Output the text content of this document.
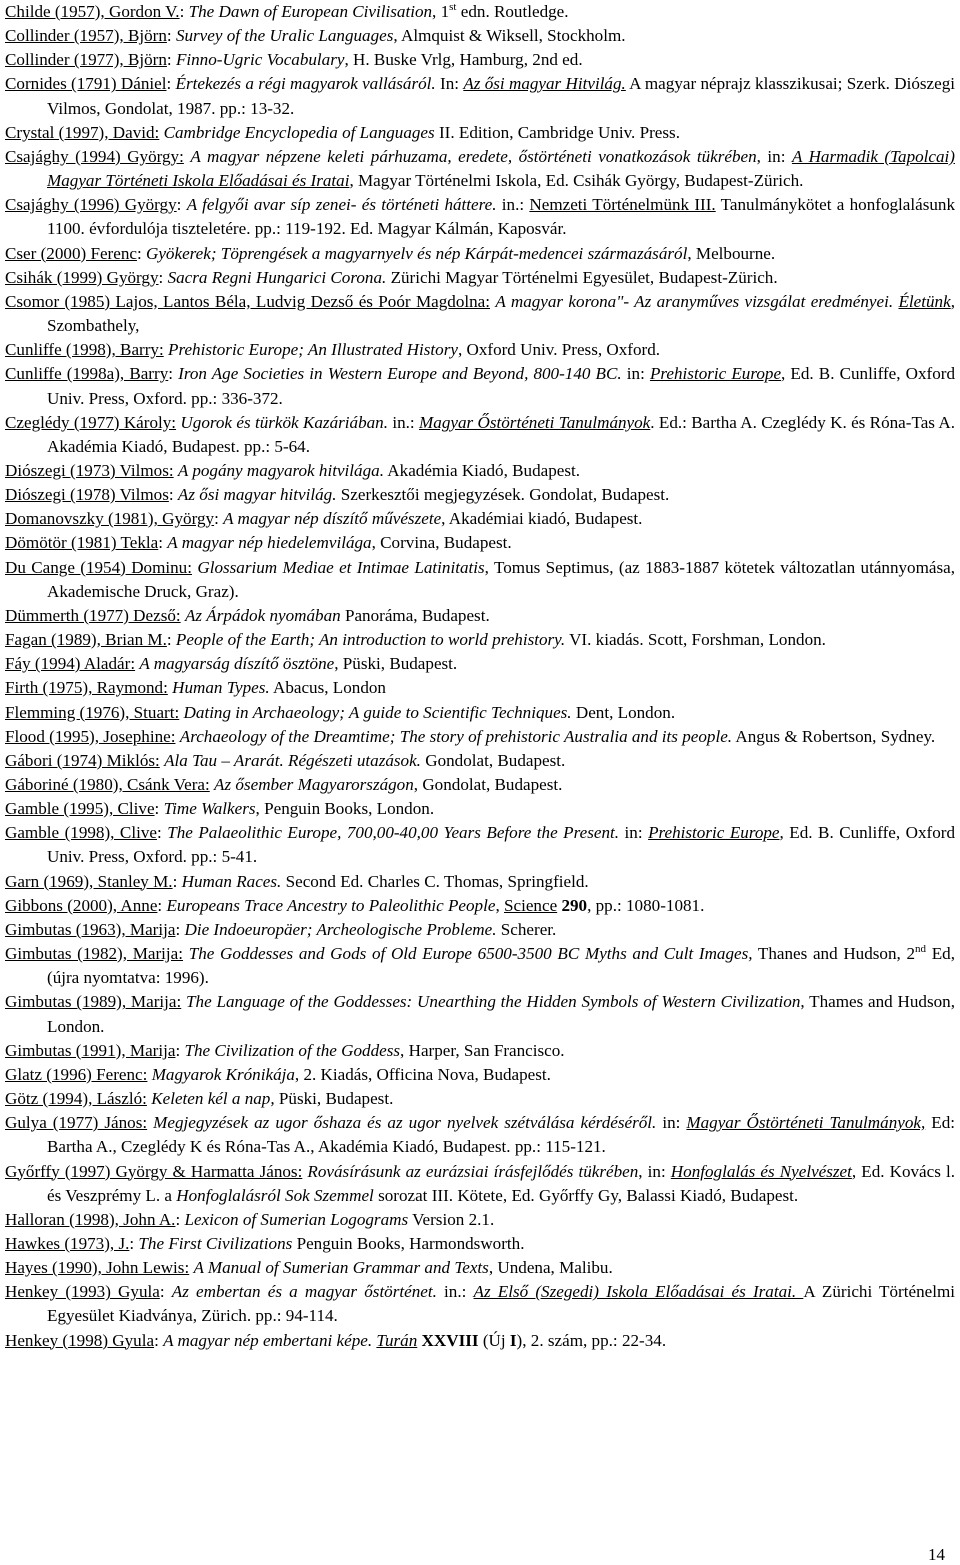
Childe (1957), Gordon V.: The Dawn of European Civilisation, 1st edn. Routledge.

Collinder (1957), Björn: Survey of the Uralic Languages, Almquist & Wiksell, Stockholm.

Collinder (1977), Björn: Finno-Ugric Vocabulary, H. Buske Vrlg, Hamburg, 2nd ed.

Cornides (1791) Dániel: Értekezés a régi magyarok vallásáról. In: Az ősi magyar Hitvilág. A magyar néprajz klasszikusai; Szerk. Diószegi Vilmos, Gondolat, 1987. pp.: 13-32.

Crystal (1997), David: Cambridge Encyclopedia of Languages II. Edition, Cambridge Univ. Press.

Csajághy (1994) György: A magyar népzene keleti párhuzama, eredete, őstörténeti vonatkozások tükrében, in: A Harmadik (Tapolcai) Magyar Történeti Iskola Előadásai és Iratai, Magyar Történelmi Iskola, Ed. Csihák György, Budapest-Zürich.

Csajághy (1996) György: A felgyői avar síp zenei- és történeti háttere. in.: Nemzeti Történelmünk III. Tanulmánykötet a honfoglalásunk 1100. évfordulója tiszteletére. pp.: 119-192. Ed. Magyar Kálmán, Kaposvár.

Cser (2000) Ferenc: Gyökerek; Töprengések a magyarnyelv és nép Kárpát-medencei származásáról, Melbourne.

Csihák (1999) György: Sacra Regni Hungarici Corona. Zürichi Magyar Történelmi Egyesület, Budapest-Zürich.

Csomor (1985) Lajos, Lantos Béla, Ludvig Dezső és Poór Magdolna: A magyar korona"- Az aranyműves vizsgálat eredményei. Életünk, Szombathely,

Cunliffe (1998), Barry: Prehistoric Europe; An Illustrated History, Oxford Univ. Press, Oxford.

Cunliffe (1998a), Barry: Iron Age Societies in Western Europe and Beyond, 800-140 BC. in: Prehistoric Europe, Ed. B. Cunliffe, Oxford Univ. Press, Oxford. pp.: 336-372.

Czeglédy (1977) Károly: Ugorok és türkök Kazáriában. in.: Magyar Őstörténeti Tanulmányok. Ed.: Bartha A. Czeglédy K. és Róna-Tas A. Akadémia Kiadó, Budapest. pp.: 5-64.

Diószegi (1973) Vilmos: A pogány magyarok hitvilága. Akadémia Kiadó, Budapest.

Diószegi (1978) Vilmos: Az ősi magyar hitvilág. Szerkesztői megjegyzések. Gondolat, Budapest.

Domanovszky (1981), György: A magyar nép díszítő művészete, Akadémiai kiadó, Budapest.

Dömötör (1981) Tekla: A magyar nép hiedelemvilága, Corvina, Budapest.

Du Cange (1954) Dominu: Glossarium Mediae et Intimae Latinitatis, Tomus Septimus, (az 1883-1887 kötetek változatlan utánnyomása, Akademische Druck, Graz).

Dümmerth (1977) Dezső: Az Árpádok nyomában Panoráma, Budapest.

Fagan (1989), Brian M.: People of the Earth; An introduction to world prehistory. VI. kiadás. Scott, Forshman, London.

Fáy (1994) Aladár: A magyarság díszítő ösztöne, Püski, Budapest.

Firth (1975), Raymond: Human Types. Abacus, London

Flemming (1976), Stuart: Dating in Archaeology; A guide to Scientific Techniques. Dent, London.

Flood (1995), Josephine: Archaeology of the Dreamtime; The story of prehistoric Australia and its people. Angus & Robertson, Sydney.

Gábori (1974) Miklós: Ala Tau – Ararát. Régészeti utazások. Gondolat, Budapest.

Gáboriné (1980), Csánk Vera: Az ősember Magyarországon, Gondolat, Budapest.

Gamble (1995), Clive: Time Walkers, Penguin Books, London.

Gamble (1998), Clive: The Palaeolithic Europe, 700,00-40,00 Years Before the Present. in: Prehistoric Europe, Ed. B. Cunliffe, Oxford Univ. Press, Oxford. pp.: 5-41.

Garn (1969), Stanley M.: Human Races. Second Ed. Charles C. Thomas, Springfield.

Gibbons (2000), Anne: Europeans Trace Ancestry to Paleolithic People, Science 290, pp.: 1080-1081.

Gimbutas (1963), Marija: Die Indoeuropäer; Archeologische Probleme. Scherer.

Gimbutas (1982), Marija: The Goddesses and Gods of Old Europe 6500-3500 BC Myths and Cult Images, Thanes and Hudson, 2nd Ed, (újra nyomtatva: 1996).

Gimbutas (1989), Marija: The Language of the Goddesses: Unearthing the Hidden Symbols of Western Civilization, Thames and Hudson, London.

Gimbutas (1991), Marija: The Civilization of the Goddess, Harper, San Francisco.

Glatz (1996) Ferenc: Magyarok Krónikája, 2. Kiadás, Officina Nova, Budapest.

Götz (1994), László: Keleten kél a nap, Püski, Budapest.

Gulya (1977) János: Megjegyzések az ugor őshaza és az ugor nyelvek szétválása kérdéséről. in: Magyar Őstörténeti Tanulmányok, Ed: Bartha A., Czeglédy K és Róna-Tas A., Akadémia Kiadó, Budapest. pp.: 115-121.

Győrffy (1997) György & Harmatta János: Rovásírásunk az eurázsiai írásfejlődés tükrében, in: Honfoglalás és Nyelvészet, Ed. Kovács l. és Veszprémy L. a Honfoglalásról Sok Szemmel sorozat III. Kötete, Ed. Győrffy Gy, Balassi Kiadó, Budapest.

Halloran (1998), John A.: Lexicon of Sumerian Logograms Version 2.1.

Hawkes (1973), J.: The First Civilizations Penguin Books, Harmondsworth.

Hayes (1990), John Lewis: A Manual of Sumerian Grammar and Texts, Undena, Malibu.

Henkey (1993) Gyula: Az embertan és a magyar őstörténet. in.: Az Első (Szegedi) Iskola Előadásai és Iratai. A Zürichi Történelmi Egyesület Kiadványa, Zürich. pp.: 94-114.

Henkey (1998) Gyula: A magyar nép embertani képe. Turán XXVIII (Új I), 2. szám, pp.: 22-34.

14
